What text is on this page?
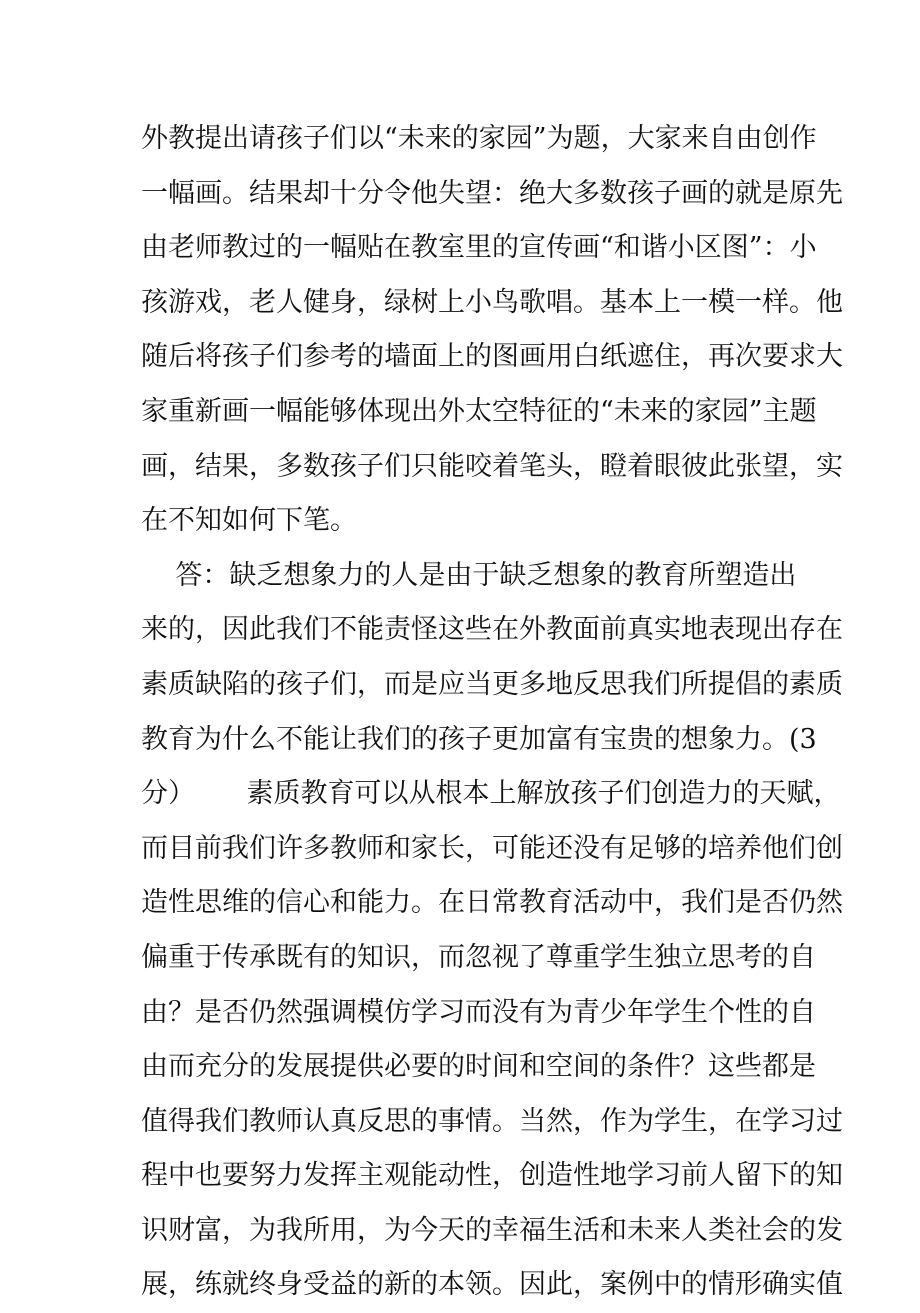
外教提出请孩子们以“未来的家园”为题，大家来自由创作
一幅画。结果却十分令他失望：绝大多数孩子画的就是原先
由老师教过的一幅贴在教室里的宣传画“和谐小区图”：小
孩游戏，老人健身，绿树上小鸟歌唱。基本上一模一样。他
随后将孩子们参考的墙面上的图画用白纸遮住，再次要求大
家重新画一幅能够体现出外太空特征的“未来的家园”主题
画，结果，多数孩子们只能咬着笔头，瞪着眼彼此张望，实
在不知如何下笔。
答：缺乏想象力的人是由于缺乏想象的教育所塑造出
来的，因此我们不能责怪这些在外教面前真实地表现出存在
素质缺陷的孩子们，而是应当更多地反思我们所提倡的素质
教育为什么不能让我们的孩子更加富有宝贵的想象力。(3
分）      素质教育可以从根本上解放孩子们创造力的天赋，
而目前我们许多教师和家长，可能还没有足够的培养他们创
造性思维的信心和能力。在日常教育活动中，我们是否仍然
偏重于传承既有的知识，而忽视了尊重学生独立思考的自
由？是否仍然强调模仿学习而没有为青少年学生个性的自
由而充分的发展提供必要的时间和空间的条件？这些都是
值得我们教师认真反思的事情。当然，作为学生，在学习过
程中也要努力发挥主观能动性，创造性地学习前人留下的知
识财富，为我所用，为今天的幸福生活和未来人类社会的发
展，练就终身受益的新的本领。因此，案例中的情形确实值
